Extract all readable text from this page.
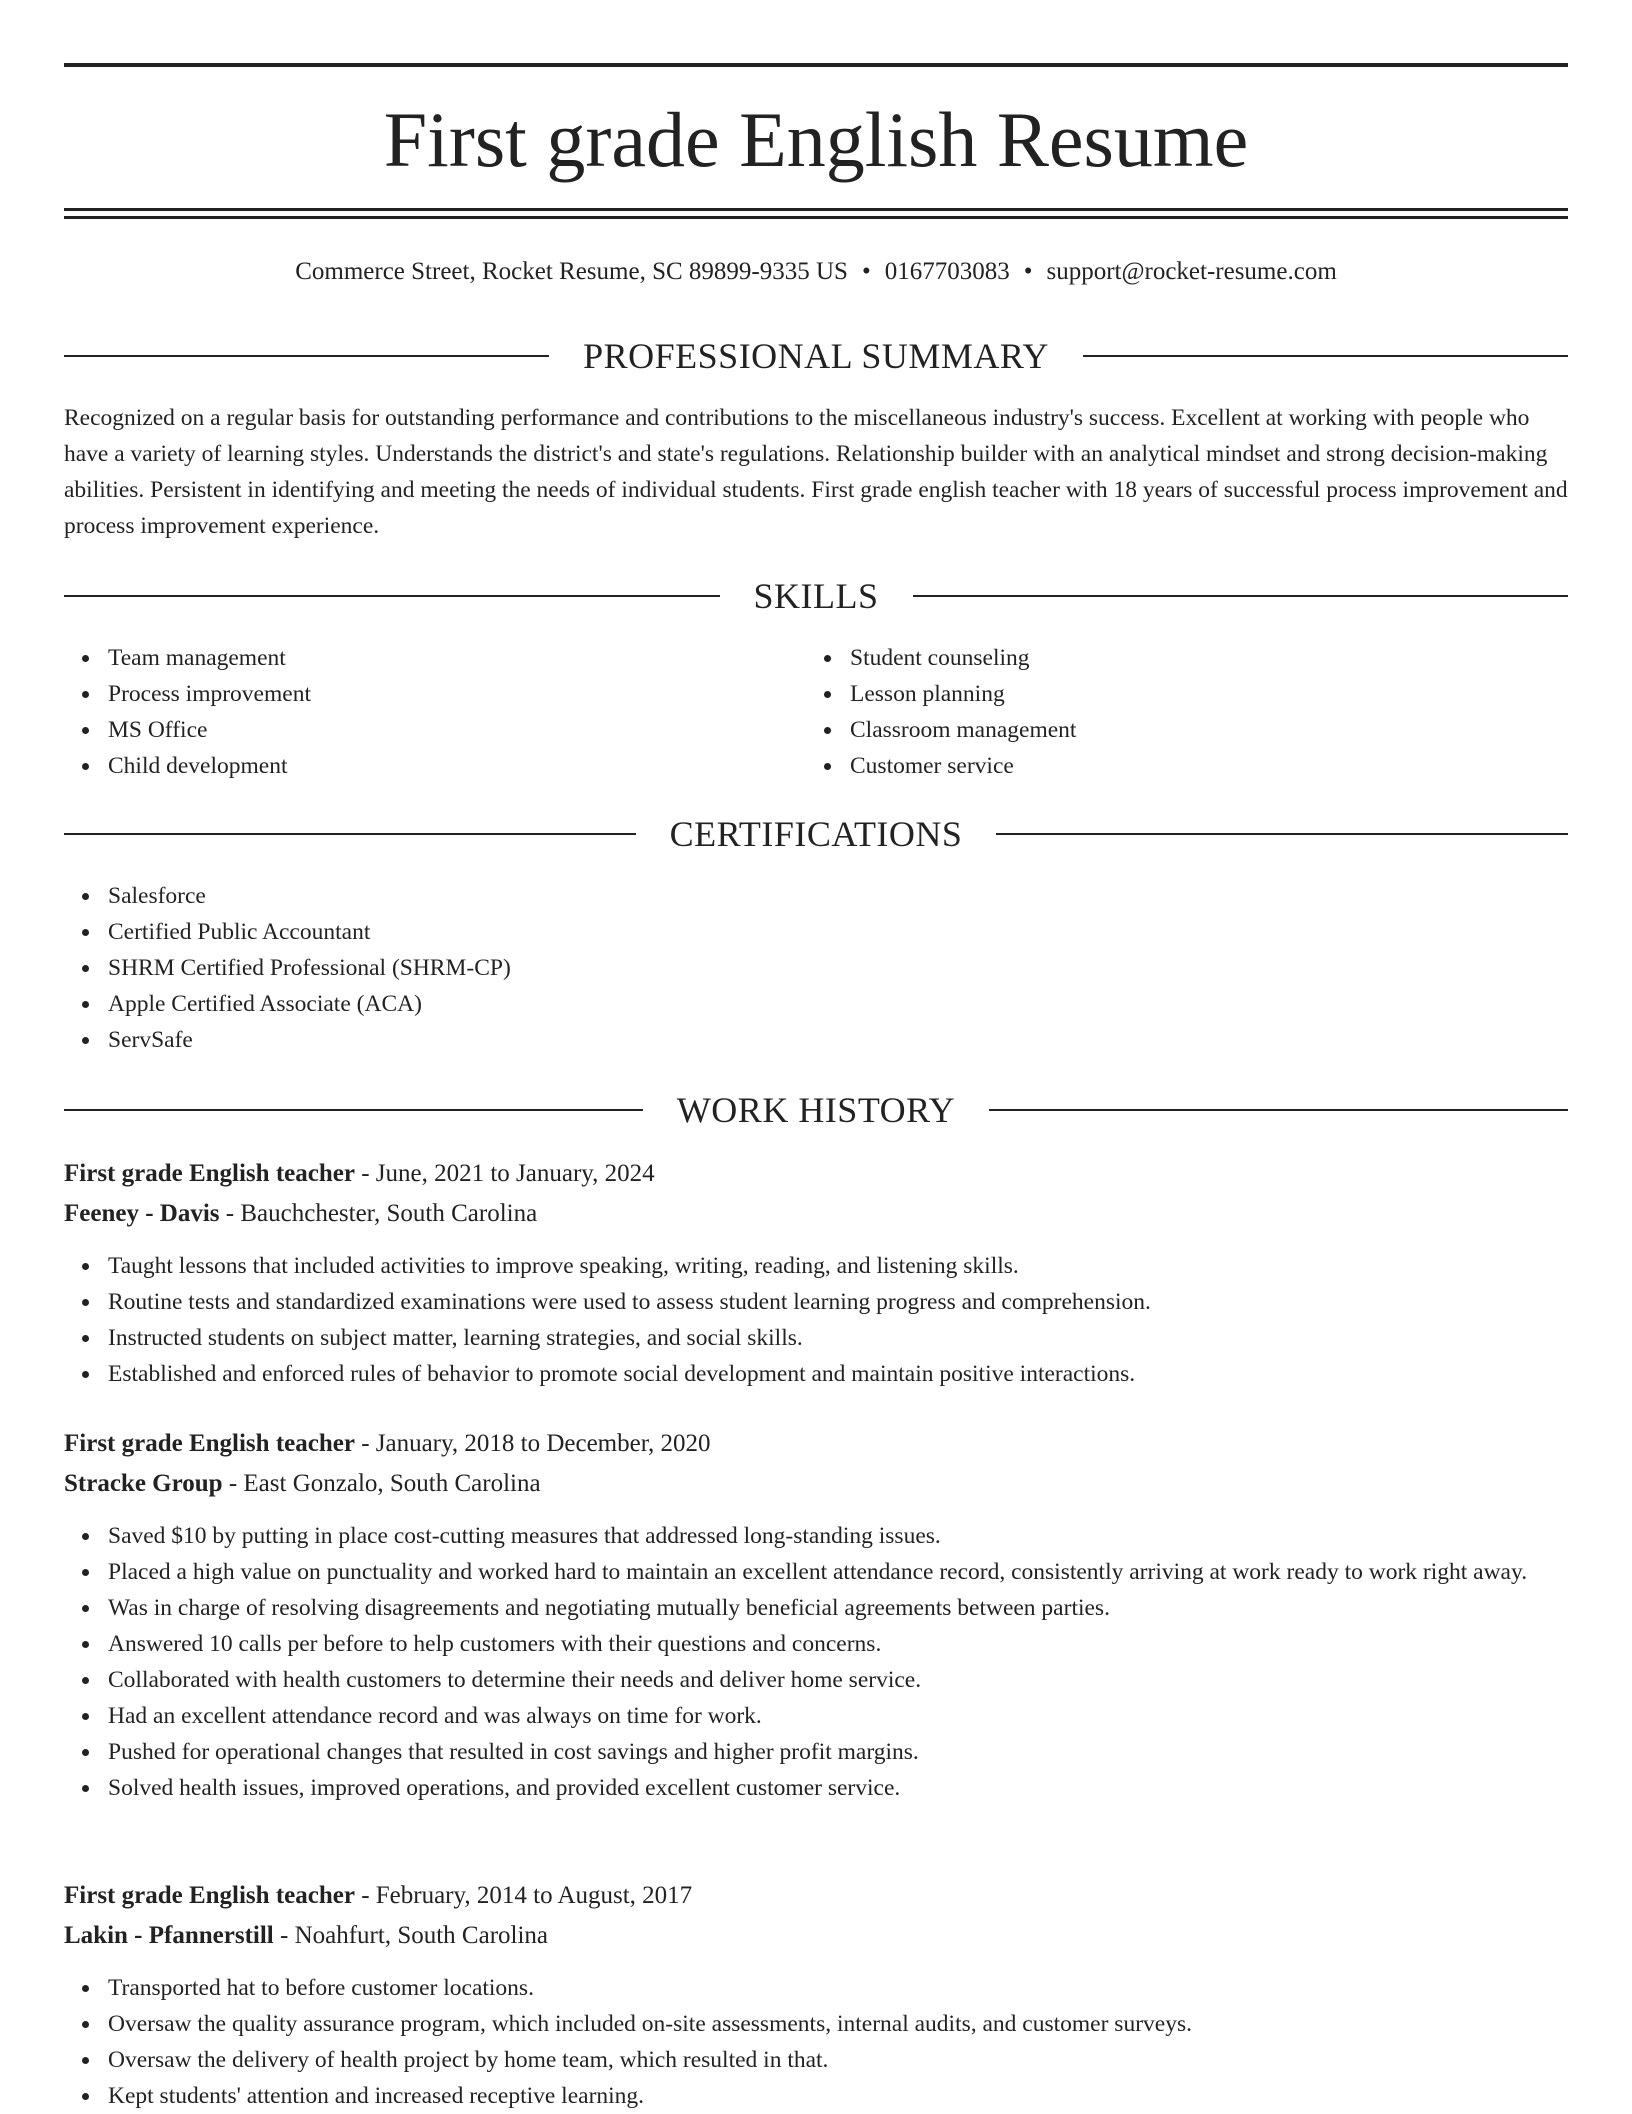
First grade English Resume
Commerce Street, Rocket Resume, SC 89899-9335 US • 0167703083 • support@rocket-resume.com
PROFESSIONAL SUMMARY

Recognized on a regular basis for outstanding performance and contributions to the miscellaneous industry's success. Excellent at working with people who have a variety of learning styles. Understands the district's and state's regulations. Relationship builder with an analytical mindset and strong decision-making abilities. Persistent in identifying and meeting the needs of individual students. First grade english teacher with 18 years of successful process improvement and process improvement experience.

SKILLS
Team management
Process improvement
MS Office
Child development
Student counseling
Lesson planning
Classroom management
Customer service
CERTIFICATIONS
Salesforce
Certified Public Accountant
SHRM Certified Professional (SHRM-CP)
Apple Certified Associate (ACA)
ServSafe
WORK HISTORY
First grade English teacher - June, 2021 to January, 2024
Feeney - Davis - Bauchchester, South Carolina
Taught lessons that included activities to improve speaking, writing, reading, and listening skills.
Routine tests and standardized examinations were used to assess student learning progress and comprehension.
Instructed students on subject matter, learning strategies, and social skills.
Established and enforced rules of behavior to promote social development and maintain positive interactions.
First grade English teacher - January, 2018 to December, 2020
Stracke Group - East Gonzalo, South Carolina
Saved $10 by putting in place cost-cutting measures that addressed long-standing issues.
Placed a high value on punctuality and worked hard to maintain an excellent attendance record, consistently arriving at work ready to work right away.
Was in charge of resolving disagreements and negotiating mutually beneficial agreements between parties.
Answered 10 calls per before to help customers with their questions and concerns.
Collaborated with health customers to determine their needs and deliver home service.
Had an excellent attendance record and was always on time for work.
Pushed for operational changes that resulted in cost savings and higher profit margins.
Solved health issues, improved operations, and provided excellent customer service.
First grade English teacher - February, 2014 to August, 2017
Lakin - Pfannerstill - Noahfurt, South Carolina
Transported hat to before customer locations.
Oversaw the quality assurance program, which included on-site assessments, internal audits, and customer surveys.
Oversaw the delivery of health project by home team, which resulted in that.
Kept students' attention and increased receptive learning.
